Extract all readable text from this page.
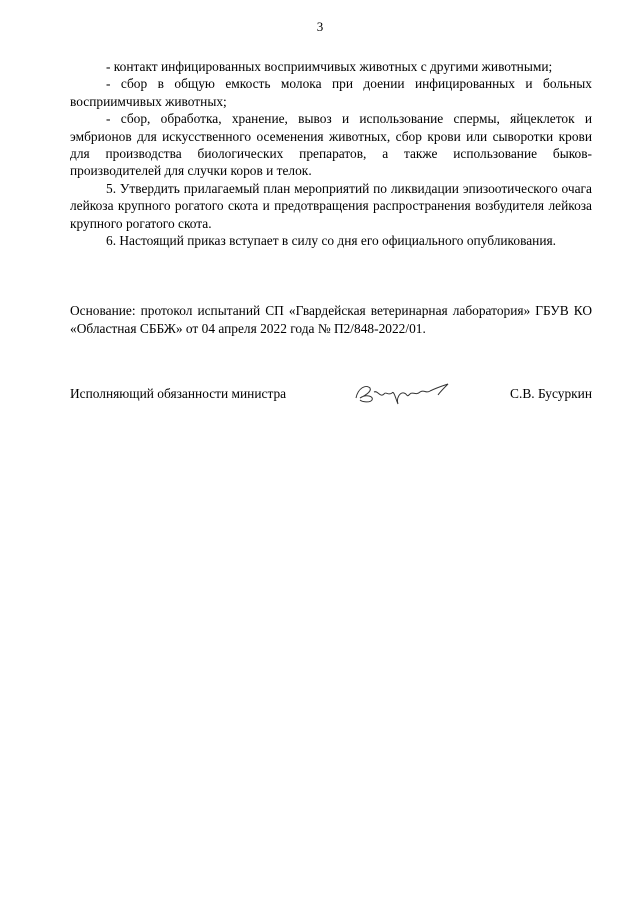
3

- контакт инфицированных восприимчивых животных с другими животными;

- сбор в общую емкость молока при доении инфицированных и больных восприимчивых животных;

- сбор, обработка, хранение, вывоз и использование спермы, яйцеклеток и эмбрионов для искусственного осеменения животных, сбор крови или сыворотки крови для производства биологических препаратов, а также использование быков-производителей для случки коров и телок.

5. Утвердить прилагаемый план мероприятий по ликвидации эпизоотического очага лейкоза крупного рогатого скота и предотвращения распространения возбудителя лейкоза крупного рогатого скота.

6. Настоящий приказ вступает в силу со дня его официального опубликования.

Основание: протокол испытаний СП «Гвардейская ветеринарная лаборатория» ГБУВ КО «Областная СББЖ» от 04 апреля 2022 года № П2/848-2022/01.

Исполняющий обязанности министра	С.В. Бусуркин
